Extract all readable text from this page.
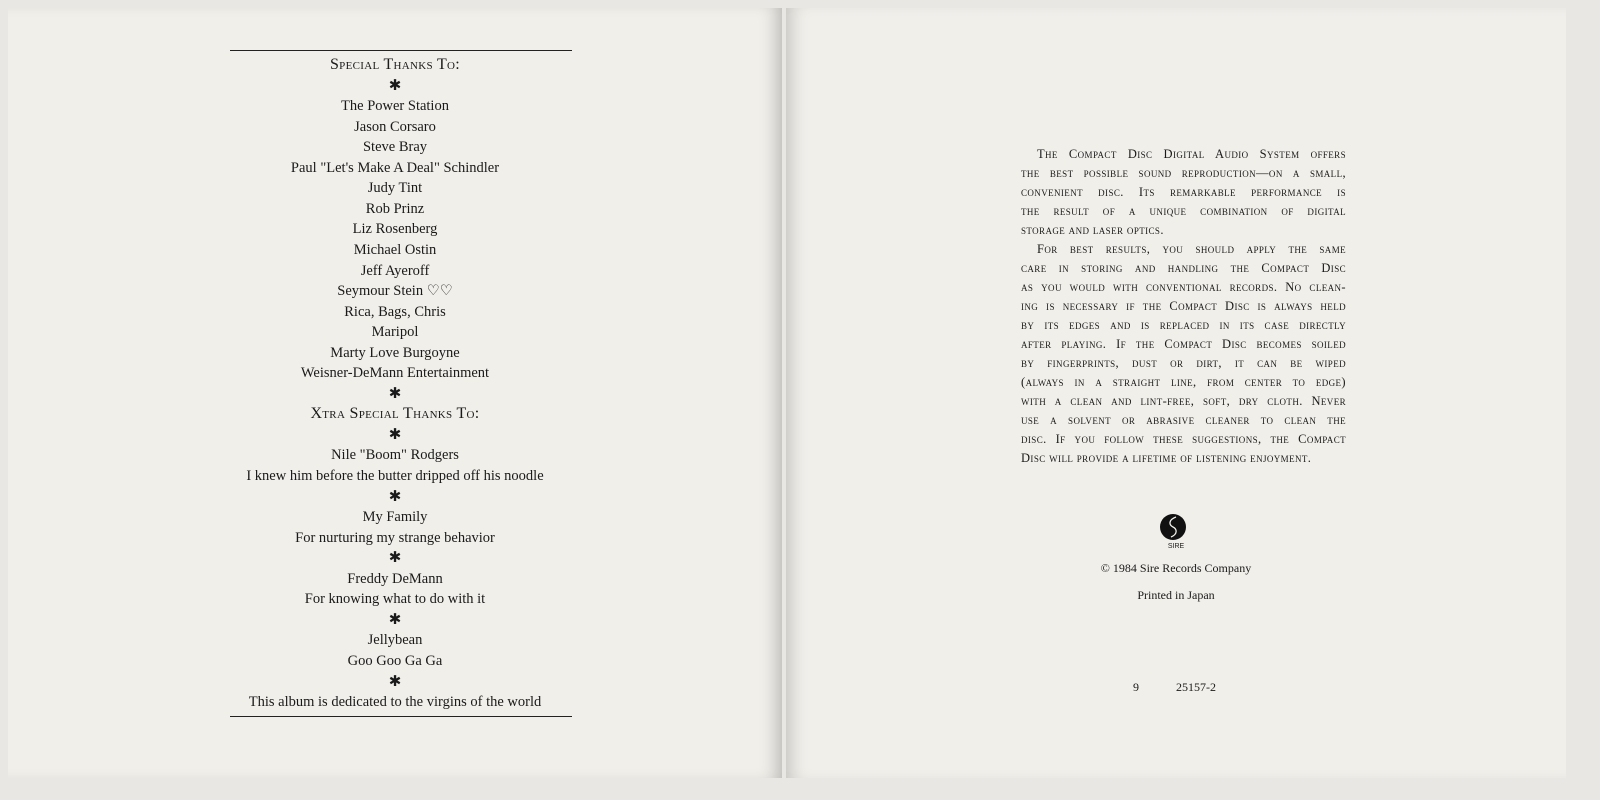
Special Thanks To:
✱
The Power Station
Jason Corsaro
Steve Bray
Paul "Let's Make A Deal" Schindler
Judy Tint
Rob Prinz
Liz Rosenberg
Michael Ostin
Jeff Ayeroff
Seymour Stein ♡♡
Rica, Bags, Chris
Maripol
Marty Love Burgoyne
Weisner-DeMann Entertainment
✱
Xtra Special Thanks To:
✱
Nile "Boom" Rodgers
I knew him before the butter dripped off his noodle
✱
My Family
For nurturing my strange behavior
✱
Freddy DeMann
For knowing what to do with it
✱
Jellybean
Goo Goo Ga Ga
✱
This album is dedicated to the virgins of the world
The Compact Disc Digital Audio System offers
the best possible sound reproduction—on a small,
convenient disc. Its remarkable performance is
the result of a unique combination of digital
storage and laser optics.
For best results, you should apply the same
care in storing and handling the Compact Disc
as you would with conventional records. No clean-
ing is necessary if the Compact Disc is always held
by its edges and is replaced in its case directly
after playing. If the Compact Disc becomes soiled
by fingerprints, dust or dirt, it can be wiped
(always in a straight line, from center to edge)
with a clean and lint-free, soft, dry cloth. Never
use a solvent or abrasive cleaner to clean the
disc. If you follow these suggestions, the Compact
Disc will provide a lifetime of listening enjoyment.
SIRE
© 1984 Sire Records Company
Printed in Japan
9	25157-2
